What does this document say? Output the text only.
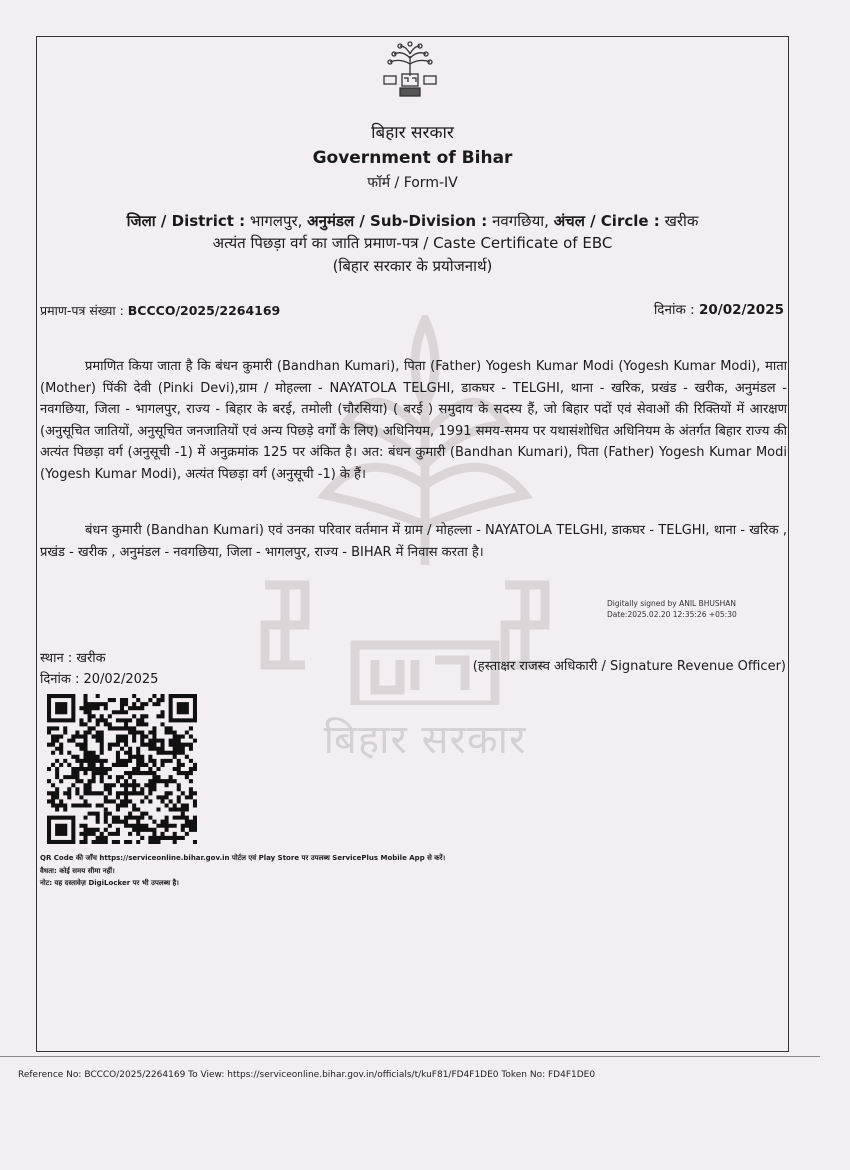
बिहार सरकार
बिहार सरकार
Government of Bihar
फॉर्म / Form-IV
जिला / District : भागलपुर, अनुमंडल / Sub-Division : नवगछिया, अंचल / Circle : खरीक
अत्यंत पिछड़ा वर्ग का जाति प्रमाण-पत्र / Caste Certificate of EBC
(बिहार सरकार के प्रयोजनार्थ)
प्रमाण-पत्र संख्या : BCCCO/2025/2264169	दिनांक : 20/02/2025
प्रमाणित किया जाता है कि बंधन कुमारी (Bandhan Kumari), पिता (Father) Yogesh Kumar Modi (Yogesh Kumar Modi), माता (Mother) पिंकी देवी (Pinki Devi),ग्राम / मोहल्ला - NAYATOLA TELGHI, डाकघर - TELGHI, थाना - खरिक, प्रखंड - खरीक, अनुमंडल - नवगछिया, जिला - भागलपुर, राज्य - बिहार के बरई, तमोली (चौरसिया) ( बरई ) समुदाय के सदस्य हैं, जो बिहार पदों एवं सेवाओं की रिक्तियों में आरक्षण (अनुसूचित जातियों, अनुसूचित जनजातियों एवं अन्य पिछड़े वर्गों के लिए) अधिनियम, 1991 समय-समय पर यथासंशोधित अधिनियम के अंतर्गत बिहार राज्य की अत्यंत पिछड़ा वर्ग (अनुसूची -1) में अनुक्रमांक 125 पर अंकित है। अत: बंधन कुमारी (Bandhan Kumari), पिता (Father) Yogesh Kumar Modi (Yogesh Kumar Modi), अत्यंत पिछड़ा वर्ग (अनुसूची -1) के हैं।
बंधन कुमारी (Bandhan Kumari) एवं उनका परिवार वर्तमान में ग्राम / मोहल्ला - NAYATOLA TELGHI, डाकघर - TELGHI, थाना - खरिक , प्रखंड - खरीक , अनुमंडल - नवगछिया, जिला - भागलपुर, राज्य - BIHAR में निवास करता है।
Digitally signed by ANIL BHUSHAN
Date:2025.02.20 12:35:26 +05:30
स्थान : खरीक
दिनांक : 20/02/2025
(हस्ताक्षर राजस्व अधिकारी / Signature Revenue Officer)
QR Code की जाँच https://serviceonline.bihar.gov.in पोर्टल एवं Play Store पर उपलब्ध ServicePlus Mobile App से करें।
वैधता: कोई समय सीमा नहीं।
नोट: यह दस्तावेज़ DigiLocker पर भी उपलब्ध है।
Reference No: BCCCO/2025/2264169 To View: https://serviceonline.bihar.gov.in/officials/t/kuF81/FD4F1DE0 Token No: FD4F1DE0
